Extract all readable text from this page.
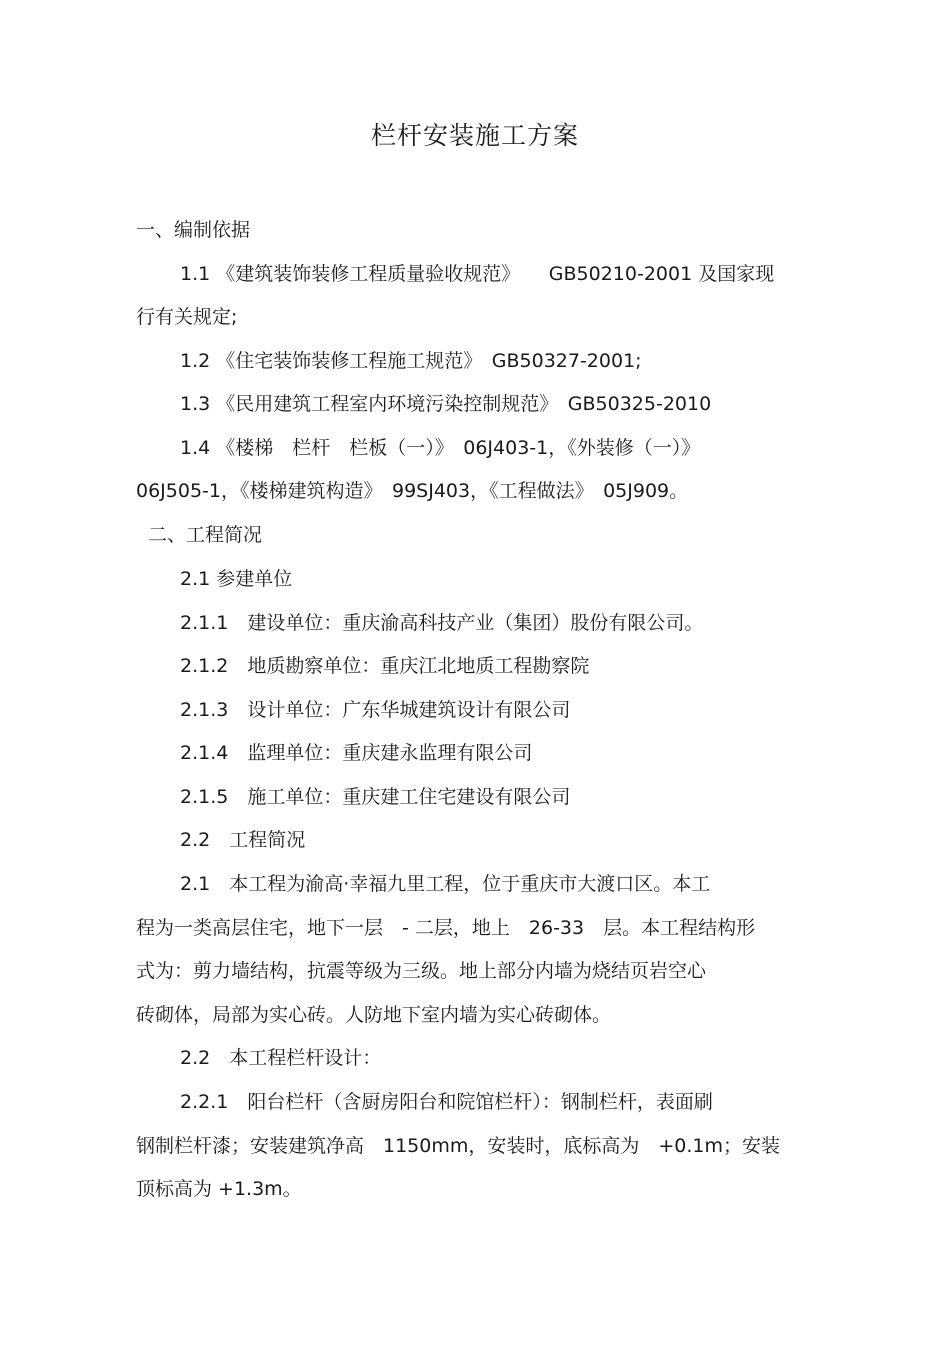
栏杆安装施工方案
一、编制依据
1.1 《建筑装饰装修工程质量验收规范》　　GB50210-2001 及国家现
行有关规定;
1.2 《住宅装饰装修工程施工规范》　GB50327-2001;
1.3 《民用建筑工程室内环境污染控制规范》　GB50325-2010
1.4 《楼梯　栏杆　栏板（一）》　06J403-1，《外装修（一）》
06J505-1，《楼梯建筑构造》　99SJ403，《工程做法》　05J909。
二、工程简况
2.1 参建单位
2.1.1　建设单位：重庆渝高科技产业（集团）股份有限公司。
2.1.2　地质勘察单位：重庆江北地质工程勘察院
2.1.3　设计单位：广东华城建筑设计有限公司
2.1.4　监理单位：重庆建永监理有限公司
2.1.5　施工单位：重庆建工住宅建设有限公司
2.2　工程简况
2.1　本工程为渝高·幸福九里工程，位于重庆市大渡口区。本工
程为一类高层住宅，地下一层　- 二层，地上　26-33　层。本工程结构形
式为：剪力墙结构，抗震等级为三级。地上部分内墙为烧结页岩空心
砖砌体，局部为实心砖。人防地下室内墙为实心砖砌体。
2.2　本工程栏杆设计：
2.2.1　阳台栏杆（含厨房阳台和院馆栏杆）：钢制栏杆，表面刷
钢制栏杆漆；安装建筑净高　1150mm，安装时，底标高为　+0.1m；安装
顶标高为 +1.3m。
